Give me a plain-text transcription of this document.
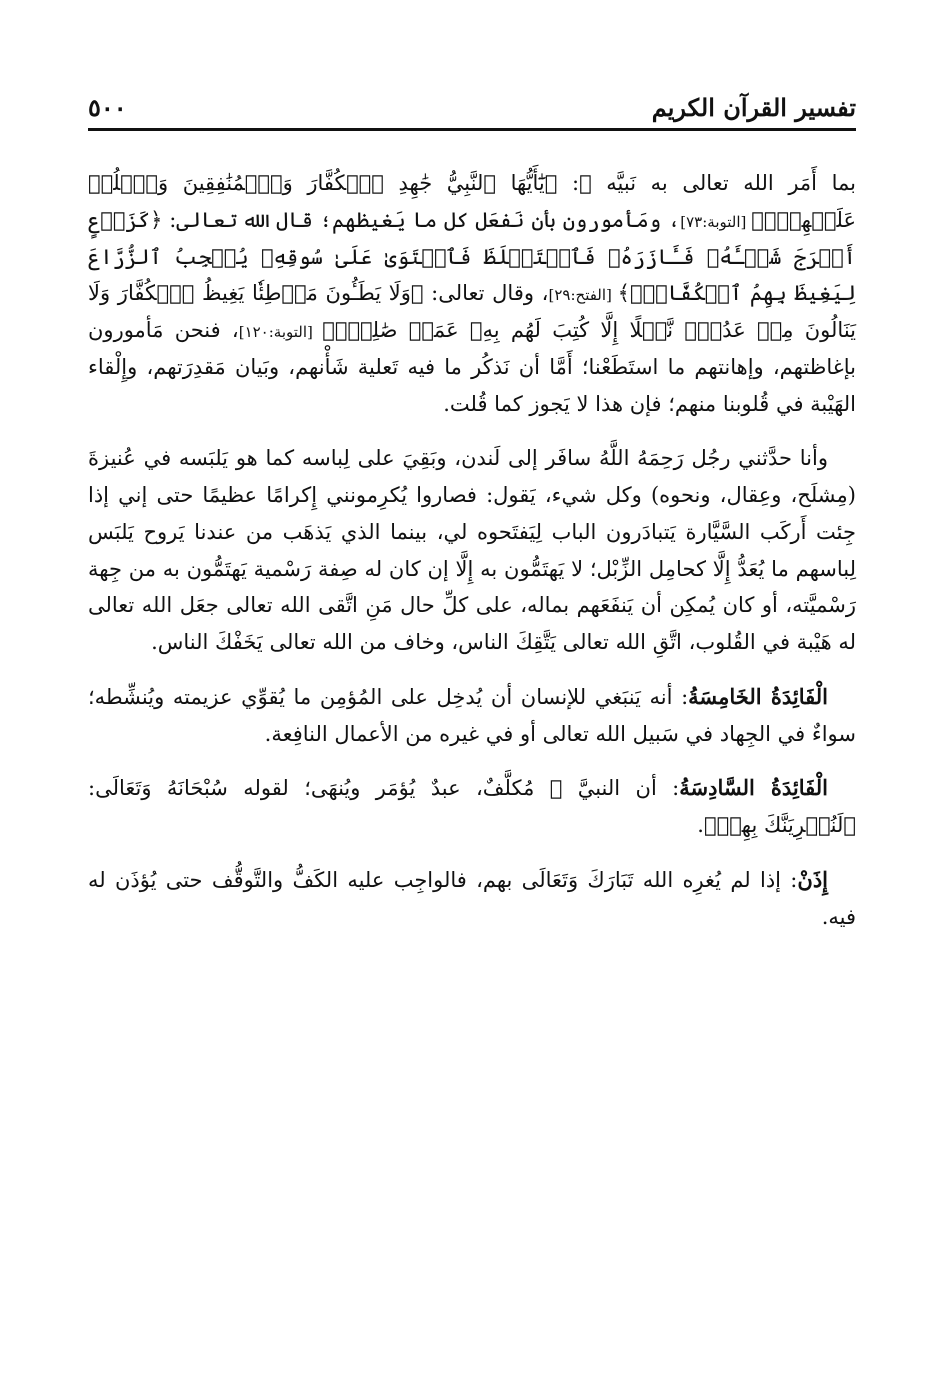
٥٠٠	تفسير القرآن الكريم

بما أَمَر الله تعالى به نَبيَّه ﷺ: ﴿يَٰٓأَيُّهَا ٱلنَّبِيُّ جَٰهِدِ ٱلۡكُفَّارَ وَٱلۡمُنَٰفِقِينَ وَٱغۡلُظۡ عَلَيۡهِمۡۚ﴾ [التوبة:٧٣]، ومَأمورون بأن نَفعَل كل ما يَغيظهم؛ قال الله تعالى: ﴿كَزَرۡعٍ أَخۡرَجَ شَطۡـَٔهُۥ فَـَٔازَرَهُۥ فَٱسۡتَغۡلَظَ فَٱسۡتَوَىٰ عَلَىٰ سُوقِهِۦ يُعۡجِبُ ٱلزُّرَّاعَ لِيَغِيظَ بِهِمُ ٱلۡكُفَّارَۗ﴾ [الفتح:٢٩]، وقال تعالى: ﴿وَلَا يَطَـُٔونَ مَوۡطِئٗا يَغِيظُ ٱلۡكُفَّارَ وَلَا يَنَالُونَ مِنۡ عَدُوّٖ نَّيۡلًا إِلَّا كُتِبَ لَهُم بِهِۦ عَمَلٞ صَٰلِحٌۚ﴾ [التوبة:١٢٠]، فنحن مَأمورون بإغاظتهم، وإهانتهم ما استَطَعْنا؛ أَمَّا أن نَذكُر ما فيه تَعلية شَأْنهم، وبَيان مَقدِرَتهم، وإِلْقاء الهَيْبة في قُلوبنا منهم؛ فإن هذا لا يَجوز كما قُلت.

وأنا حدَّثني رجُل رَحِمَهُ اللَّهُ سافَر إلى لَندن، وبَقِيَ على لِباسه كما هو يَلبَسه في عُنيزةَ (مِشلَح، وعِقال، ونحوه) وكل شيء، يَقول: فصاروا يُكرِمونني إِكرامًا عظيمًا حتى إني إذا جِئت أَركَب السَّيَّارة يَتبادَرون الباب لِيَفتَحوه لي، بينما الذي يَذهَب من عندنا يَروح يَلبَس لِباسهم ما يُعَدُّ إِلَّا كحامِل الزِّبْل؛ لا يَهتَمُّون به إِلَّا إن كان له صِفة رَسْمية يَهتَمُّون به من جِهة رَسْميَّته، أو كان يُمكِن أن يَنفَعَهم بماله، على كلِّ حال مَنِ اتَّقى الله تعالى جعَل الله تعالى له هَيْبة في القُلوب، اتَّقِ الله تعالى يَتَّقِكَ الناس، وخاف من الله تعالى يَخَفْكَ الناس.

الْفَائِدَةُ الخَامِسَةُ: أنه يَنبَغي للإنسان أن يُدخِل على المُؤمِن ما يُقوِّي عزيمته ويُنشِّطه؛ سواءٌ في الجِهاد في سَبيل الله تعالى أو في غيره من الأعمال النافِعة.

الْفَائِدَةُ السَّادِسَةُ: أن النبيَّ ﷺ مُكلَّفٌ، عبدٌ يُؤمَر ويُنهَى؛ لقوله سُبْحَانَهُ وَتَعَالَى: ﴿لَنُغۡرِيَنَّكَ بِهِمۡ﴾.

إِذَنْ: إذا لم يُغرِه الله تَبَارَكَ وَتَعَالَى بهم، فالواجِب عليه الكَفُّ والتَّوقُّف حتى يُؤذَن له فيه.
